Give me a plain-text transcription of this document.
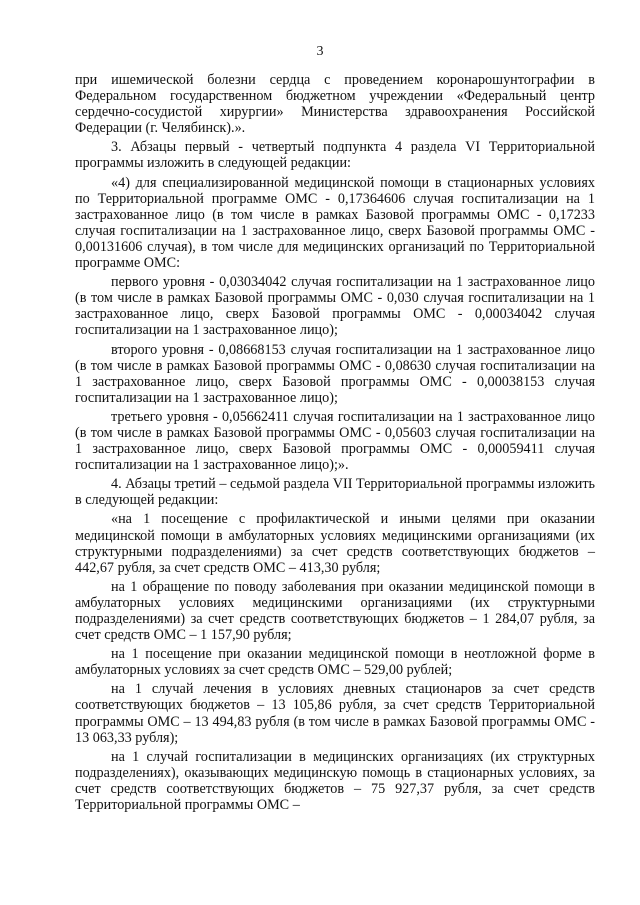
3

при ишемической болезни сердца с проведением коронарошунтографии в Федеральном государственном бюджетном учреждении «Федеральный центр сердечно-сосудистой хирургии» Министерства здравоохранения Российской Федерации (г. Челябинск).».

3. Абзацы первый - четвертый подпункта 4 раздела VI Территориальной программы изложить в следующей редакции:

«4) для специализированной медицинской помощи в стационарных условиях по Территориальной программе ОМС - 0,17364606 случая госпитализации на 1 застрахованное лицо (в том числе в рамках Базовой программы ОМС - 0,17233 случая госпитализации на 1 застрахованное лицо, сверх Базовой программы ОМС - 0,00131606 случая), в том числе для медицинских организаций по Территориальной программе ОМС:

первого уровня - 0,03034042 случая госпитализации на 1 застрахованное лицо (в том числе в рамках Базовой программы ОМС - 0,030 случая госпитализации на 1 застрахованное лицо, сверх Базовой программы ОМС - 0,00034042 случая госпитализации на 1 застрахованное лицо);

второго уровня - 0,08668153 случая госпитализации на 1 застрахованное лицо (в том числе в рамках Базовой программы ОМС - 0,08630 случая госпитализации на 1 застрахованное лицо, сверх Базовой программы ОМС - 0,00038153 случая госпитализации на 1 застрахованное лицо);

третьего уровня - 0,05662411 случая госпитализации на 1 застрахованное лицо (в том числе в рамках Базовой программы ОМС - 0,05603 случая госпитализации на 1 застрахованное лицо, сверх Базовой программы ОМС - 0,00059411 случая госпитализации на 1 застрахованное лицо);».

4. Абзацы третий – седьмой раздела VII Территориальной программы изложить в следующей редакции:

«на 1 посещение с профилактической и иными целями при оказании медицинской помощи в амбулаторных условиях медицинскими организациями (их структурными подразделениями) за счет средств соответствующих бюджетов – 442,67 рубля, за счет средств ОМС – 413,30 рубля;

на 1 обращение по поводу заболевания при оказании медицинской помощи в амбулаторных условиях медицинскими организациями (их структурными подразделениями) за счет средств соответствующих бюджетов – 1 284,07 рубля, за счет средств ОМС – 1 157,90 рубля;

на 1 посещение при оказании медицинской помощи в неотложной форме в амбулаторных условиях за счет средств ОМС – 529,00 рублей;

на 1 случай лечения в условиях дневных стационаров за счет средств соответствующих бюджетов – 13 105,86 рубля, за счет средств Территориальной программы ОМС – 13 494,83 рубля (в том числе в рамках Базовой программы ОМС - 13 063,33 рубля);

на 1 случай госпитализации в медицинских организациях (их структурных подразделениях), оказывающих медицинскую помощь в стационарных условиях, за счет средств соответствующих бюджетов – 75 927,37 рубля, за счет средств Территориальной программы ОМС –
